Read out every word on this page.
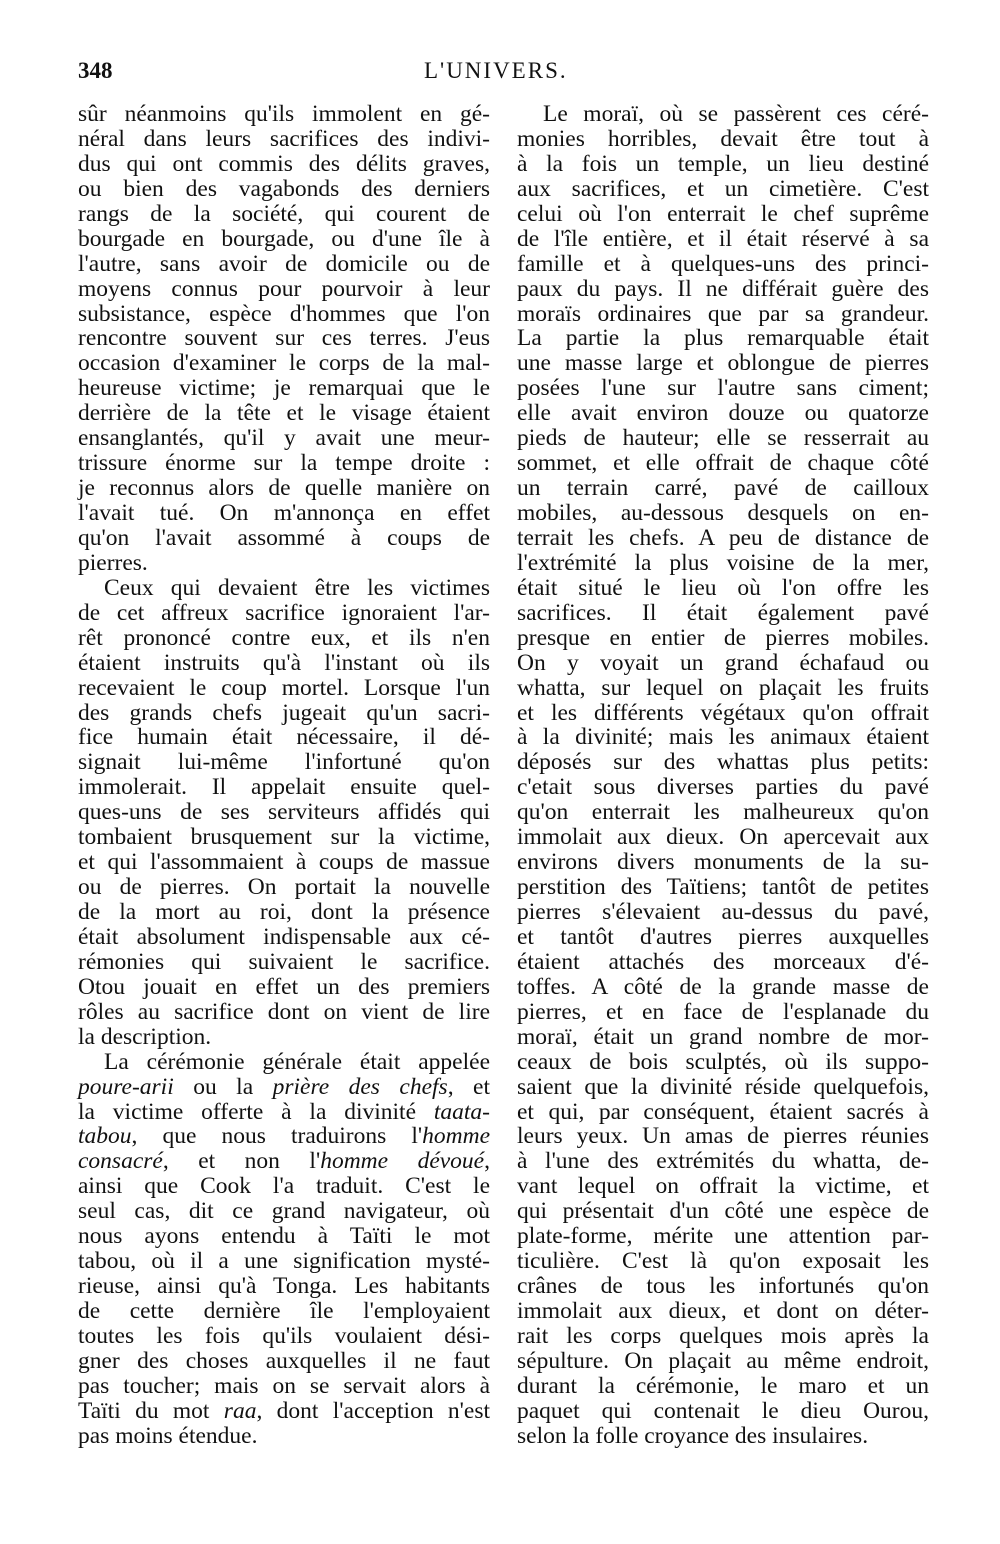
348	L'UNIVERS.
sûr néanmoins qu'ils immolent en gé-
néral dans leurs sacrifices des indivi-
dus qui ont commis des délits graves,
ou bien des vagabonds des derniers
rangs de la société, qui courent de
bourgade en bourgade, ou d'une île à
l'autre, sans avoir de domicile ou de
moyens connus pour pourvoir à leur
subsistance, espèce d'hommes que l'on
rencontre souvent sur ces terres. J'eus
occasion d'examiner le corps de la mal-
heureuse victime; je remarquai que le
derrière de la tête et le visage étaient
ensanglantés, qu'il y avait une meur-
trissure énorme sur la tempe droite :
je reconnus alors de quelle manière on
l'avait tué. On m'annonça en effet
qu'on l'avait assommé à coups de
pierres.
Ceux qui devaient être les victimes
de cet affreux sacrifice ignoraient l'ar-
rêt prononcé contre eux, et ils n'en
étaient instruits qu'à l'instant où ils
recevaient le coup mortel. Lorsque l'un
des grands chefs jugeait qu'un sacri-
fice humain était nécessaire, il dé-
signait lui-même l'infortuné qu'on
immolerait. Il appelait ensuite quel-
ques-uns de ses serviteurs affidés qui
tombaient brusquement sur la victime,
et qui l'assommaient à coups de massue
ou de pierres. On portait la nouvelle
de la mort au roi, dont la présence
était absolument indispensable aux cé-
rémonies qui suivaient le sacrifice.
Otou jouait en effet un des premiers
rôles au sacrifice dont on vient de lire
la description.
La cérémonie générale était appelée
poure-arii ou la prière des chefs, et
la victime offerte à la divinité taata-
tabou, que nous traduirons l'homme
consacré, et non l'homme dévoué,
ainsi que Cook l'a traduit. C'est le
seul cas, dit ce grand navigateur, où
nous ayons entendu à Taïti le mot
tabou, où il a une signification mysté-
rieuse, ainsi qu'à Tonga. Les habitants
de cette dernière île l'employaient
toutes les fois qu'ils voulaient dési-
gner des choses auxquelles il ne faut
pas toucher; mais on se servait alors à
Taïti du mot raa, dont l'acception n'est
pas moins étendue.
Le moraï, où se passèrent ces céré-
monies horribles, devait être tout à
à la fois un temple, un lieu destiné
aux sacrifices, et un cimetière. C'est
celui où l'on enterrait le chef suprême
de l'île entière, et il était réservé à sa
famille et à quelques-uns des princi-
paux du pays. Il ne différait guère des
moraïs ordinaires que par sa grandeur.
La partie la plus remarquable était
une masse large et oblongue de pierres
posées l'une sur l'autre sans ciment;
elle avait environ douze ou quatorze
pieds de hauteur; elle se resserrait au
sommet, et elle offrait de chaque côté
un terrain carré, pavé de cailloux
mobiles, au-dessous desquels on en-
terrait les chefs. A peu de distance de
l'extrémité la plus voisine de la mer,
était situé le lieu où l'on offre les
sacrifices. Il était également pavé
presque en entier de pierres mobiles.
On y voyait un grand échafaud ou
whatta, sur lequel on plaçait les fruits
et les différents végétaux qu'on offrait
à la divinité; mais les animaux étaient
déposés sur des whattas plus petits:
c'etait sous diverses parties du pavé
qu'on enterrait les malheureux qu'on
immolait aux dieux. On apercevait aux
environs divers monuments de la su-
perstition des Taïtiens; tantôt de petites
pierres s'élevaient au-dessus du pavé,
et tantôt d'autres pierres auxquelles
étaient attachés des morceaux d'é-
toffes. A côté de la grande masse de
pierres, et en face de l'esplanade du
moraï, était un grand nombre de mor-
ceaux de bois sculptés, où ils suppo-
saient que la divinité réside quelquefois,
et qui, par conséquent, étaient sacrés à
leurs yeux. Un amas de pierres réunies
à l'une des extrémités du whatta, de-
vant lequel on offrait la victime, et
qui présentait d'un côté une espèce de
plate-forme, mérite une attention par-
ticulière. C'est là qu'on exposait les
crânes de tous les infortunés qu'on
immolait aux dieux, et dont on déter-
rait les corps quelques mois après la
sépulture. On plaçait au même endroit,
durant la cérémonie, le maro et un
paquet qui contenait le dieu Ourou,
selon la folle croyance des insulaires.
